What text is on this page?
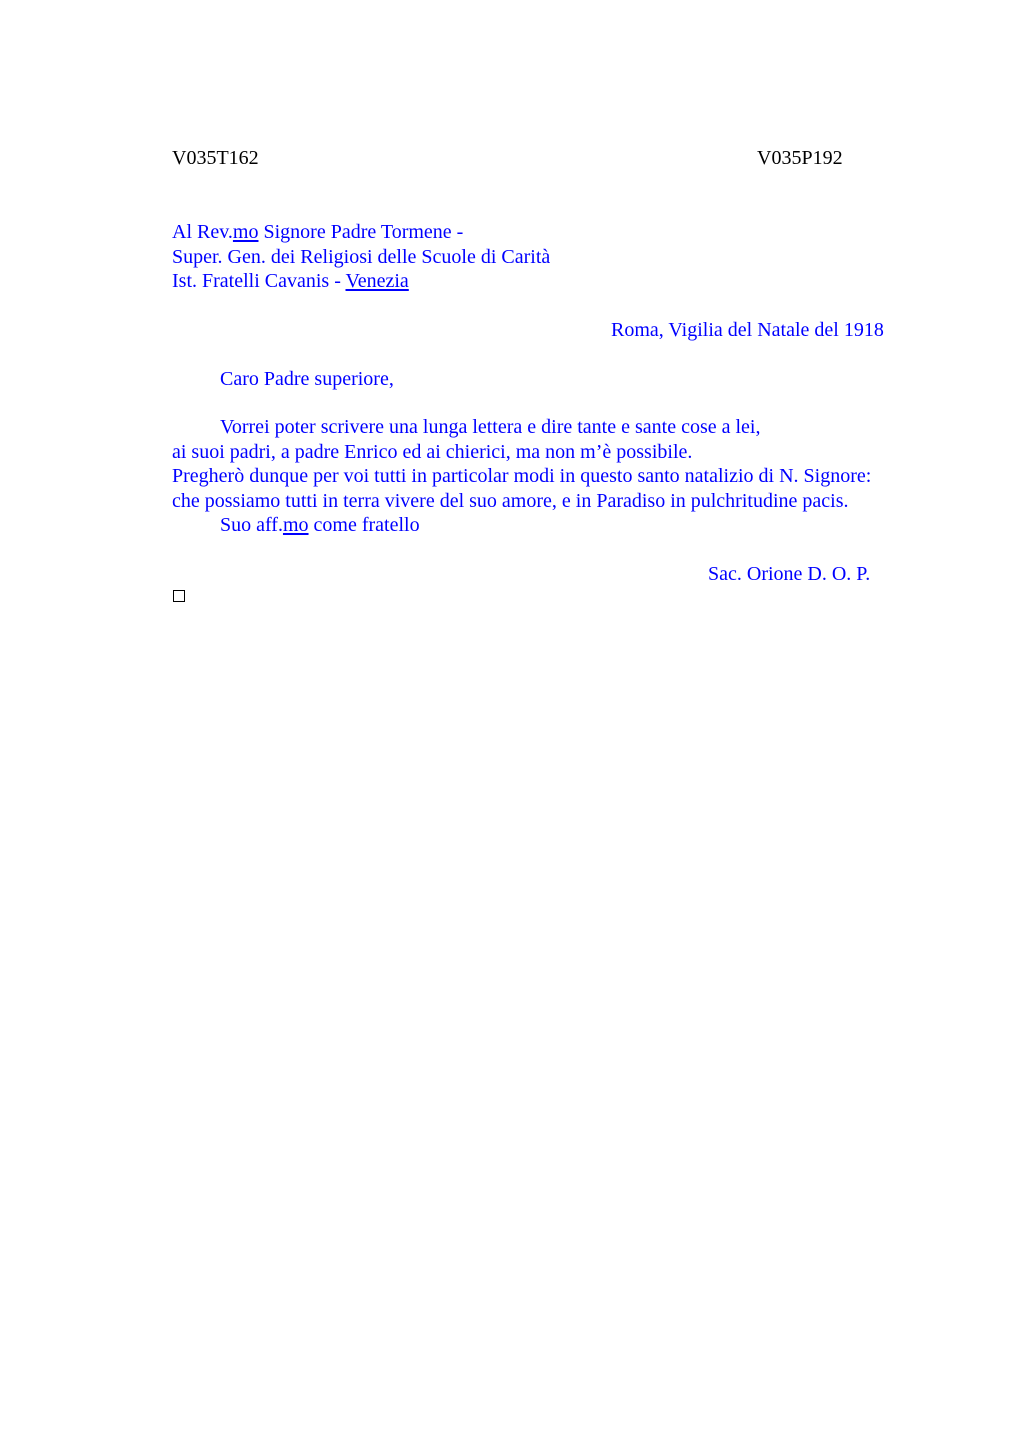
V035T162	V035P192
Al Rev.mo Signore Padre Tormene -
Super. Gen. dei Religiosi delle Scuole di Carità
Ist. Fratelli Cavanis - Venezia
Roma, Vigilia del Natale del 1918
Caro Padre superiore,
Vorrei poter scrivere una lunga lettera e dire tante e sante cose a lei,
ai suoi padri, a padre Enrico ed ai chierici, ma non m’è possibile.
Pregherò dunque per voi tutti in particolar modi in questo santo natalizio di N. Signore:
che possiamo tutti in terra vivere del suo amore, e in Paradiso in pulchritudine pacis.
Suo aff.mo come fratello
Sac. Orione D. O. P.
